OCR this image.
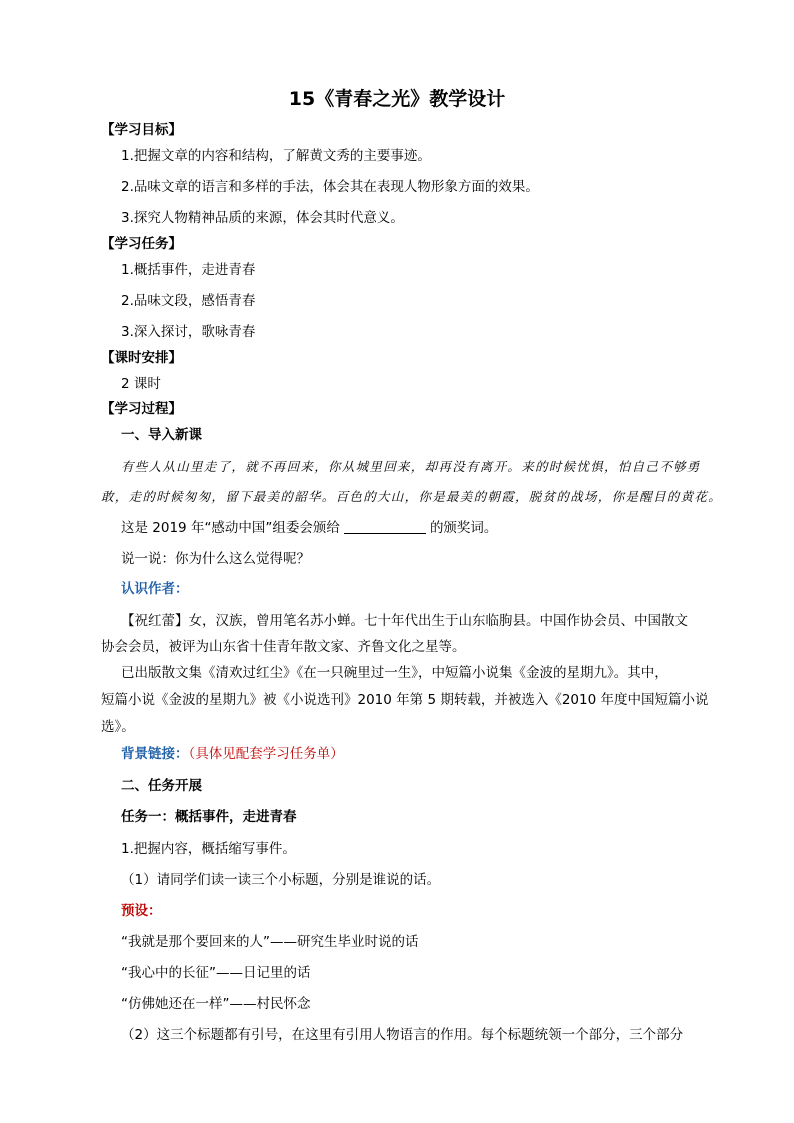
15《青春之光》教学设计
【学习目标】
1.把握文章的内容和结构，了解黄文秀的主要事迹。
2.品味文章的语言和多样的手法，体会其在表现人物形象方面的效果。
3.探究人物精神品质的来源，体会其时代意义。
【学习任务】
1.概括事件，走进青春
2.品味文段，感悟青春
3.深入探讨，歌咏青春
【课时安排】
2 课时
【学习过程】
一、导入新课
有些人从山里走了，就不再回来，你从城里回来，却再没有离开。来的时候忧惧，怕自己不够勇
敢，走的时候匆匆，留下最美的韶华。百色的大山，你是最美的朝霞，脱贫的战场，你是醒目的黄花。
这是 2019 年“感动中国”组委会颁给	的颁奖词。
说一说：你为什么这么觉得呢？
认识作者：
【祝红蕾】女，汉族，曾用笔名苏小蝉。七十年代出生于山东临朐县。中国作协会员、中国散文
协会会员，被评为山东省十佳青年散文家、齐鲁文化之星等。
已出版散文集《清欢过红尘》《在一只碗里过一生》，中短篇小说集《金波的星期九》。其中，
短篇小说《金波的星期九》被《小说选刊》2010 年第 5 期转载，并被选入《2010 年度中国短篇小说
选》。
背景链接：（具体见配套学习任务单）
二、任务开展
任务一：概括事件，走进青春
1.把握内容，概括缩写事件。
（1）请同学们读一读三个小标题，分别是谁说的话。
预设：
“我就是那个要回来的人”——研究生毕业时说的话
“我心中的长征”——日记里的话
“仿佛她还在一样”——村民怀念
（2）这三个标题都有引号，在这里有引用人物语言的作用。每个标题统领一个部分，三个部分
